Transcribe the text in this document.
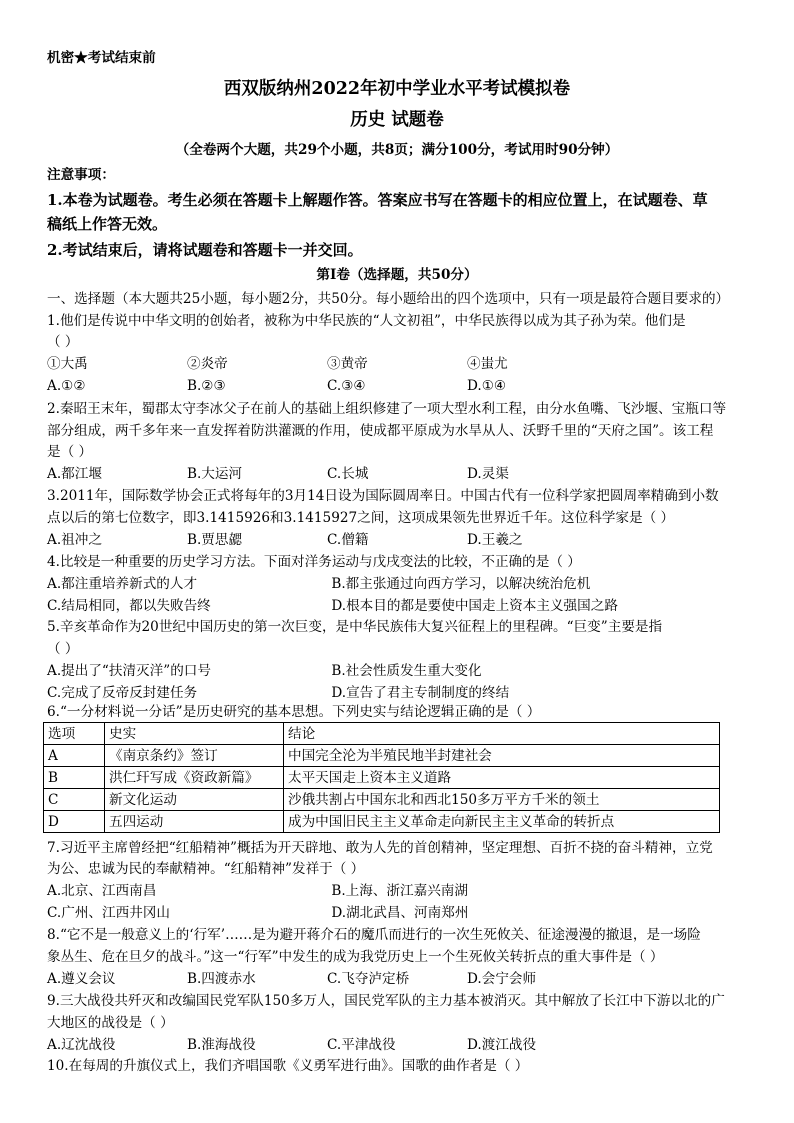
机密★考试结束前
西双版纳州2022年初中学业水平考试模拟卷
历史 试题卷
（全卷两个大题，共29个小题，共8页；满分100分，考试用时90分钟）
注意事项：
1.本卷为试题卷。考生必须在答题卡上解题作答。答案应书写在答题卡的相应位置上，在试题卷、草
稿纸上作答无效。
2.考试结束后，请将试题卷和答题卡一并交回。
第Ⅰ卷（选择题，共50分）
一、选择题（本大题共25小题，每小题2分，共50分。每小题给出的四个选项中，只有一项是最符合题目要求的）
1.他们是传说中中华文明的创始者，被称为中华民族的“人文初祖”，中华民族得以成为其子孙为荣。他们是
（ ）
①大禹	②炎帝	③黄帝	④蚩尤
A.①②	B.②③	C.③④	D.①④
2.秦昭王末年，蜀郡太守李冰父子在前人的基础上组织修建了一项大型水利工程，由分水鱼嘴、飞沙堰、宝瓶口等
部分组成，两千多年来一直发挥着防洪灌溉的作用，使成都平原成为水旱从人、沃野千里的“天府之国”。该工程
是（ ）
A.都江堰	B.大运河	C.长城	D.灵渠
3.2011年，国际数学协会正式将每年的3月14日设为国际圆周率日。中国古代有一位科学家把圆周率精确到小数
点以后的第七位数字，即3.1415926和3.1415927之间，这项成果领先世界近千年。这位科学家是（ ）
A.祖冲之	B.贾思勰	C.僧籍	D.王羲之
4.比较是一种重要的历史学习方法。下面对洋务运动与戊戌变法的比较，不正确的是（ ）
A.都注重培养新式的人才	B.都主张通过向西方学习，以解决统治危机
C.结局相同，都以失败告终	D.根本目的都是要使中国走上资本主义强国之路
5.辛亥革命作为20世纪中国历史的第一次巨变，是中华民族伟大复兴征程上的里程碑。“巨变”主要是指
（ ）
A.提出了“扶清灭洋”的口号	B.社会性质发生重大变化
C.完成了反帝反封建任务	D.宣告了君主专制制度的终结
6.“一分材料说一分话”是历史研究的基本思想。下列史实与结论逻辑正确的是（ ）
选项	史实	结论
A	《南京条约》签订	中国完全沦为半殖民地半封建社会
B	洪仁玕写成《资政新篇》	太平天国走上资本主义道路
C	新文化运动	沙俄共割占中国东北和西北150多万平方千米的领土
D	五四运动	成为中国旧民主主义革命走向新民主主义革命的转折点
7.习近平主席曾经把“红船精神”概括为开天辟地、敢为人先的首创精神，坚定理想、百折不挠的奋斗精神，立党
为公、忠诚为民的奉献精神。“红船精神”发祥于（ ）
A.北京、江西南昌	B.上海、浙江嘉兴南湖
C.广州、江西井冈山	D.湖北武昌、河南郑州
8.“它不是一般意义上的‘行军’……是为避开蒋介石的魔爪而进行的一次生死攸关、征途漫漫的撤退，是一场险
象丛生、危在旦夕的战斗。”这一“行军”中发生的成为我党历史上一个生死攸关转折点的重大事件是（ ）
A.遵义会议	B.四渡赤水	C.飞夺泸定桥	D.会宁会师
9.三大战役共歼灭和改编国民党军队150多万人，国民党军队的主力基本被消灭。其中解放了长江中下游以北的广
大地区的战役是（ ）
A.辽沈战役	B.淮海战役	C.平津战役	D.渡江战役
10.在每周的升旗仪式上，我们齐唱国歌《义勇军进行曲》。国歌的曲作者是（ ）
